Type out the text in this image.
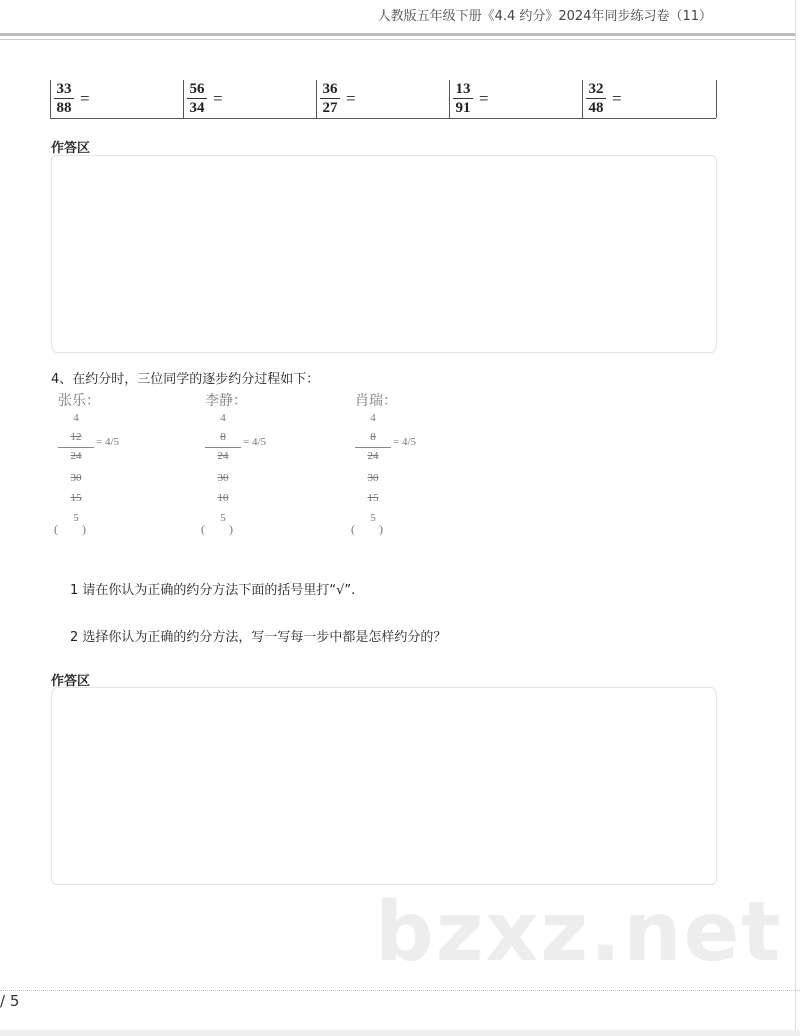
人教版五年级下册《4.4 约分》2024年同步练习卷（11）
$\frac{33}{88}$ =	$\frac{56}{34}$ =	$\frac{36}{27}$ =	$\frac{13}{91}$ =	$\frac{32}{48}$ =
作答区
4、在约分时，三位同学的逐步约分过程如下：
张乐：
4
12
24
30
15
5
= 4/5
(　　)
李静：
4
8
24
30
10
5
= 4/5
(　　)
肖瑞：
4
8
24
30
15
5
= 4/5
(　　)
1 请在你认为正确的约分方法下面的括号里打“√”.
2 选择你认为正确的约分方法，写一写每一步中都是怎样约分的？
作答区
bzxz.net
/ 5
